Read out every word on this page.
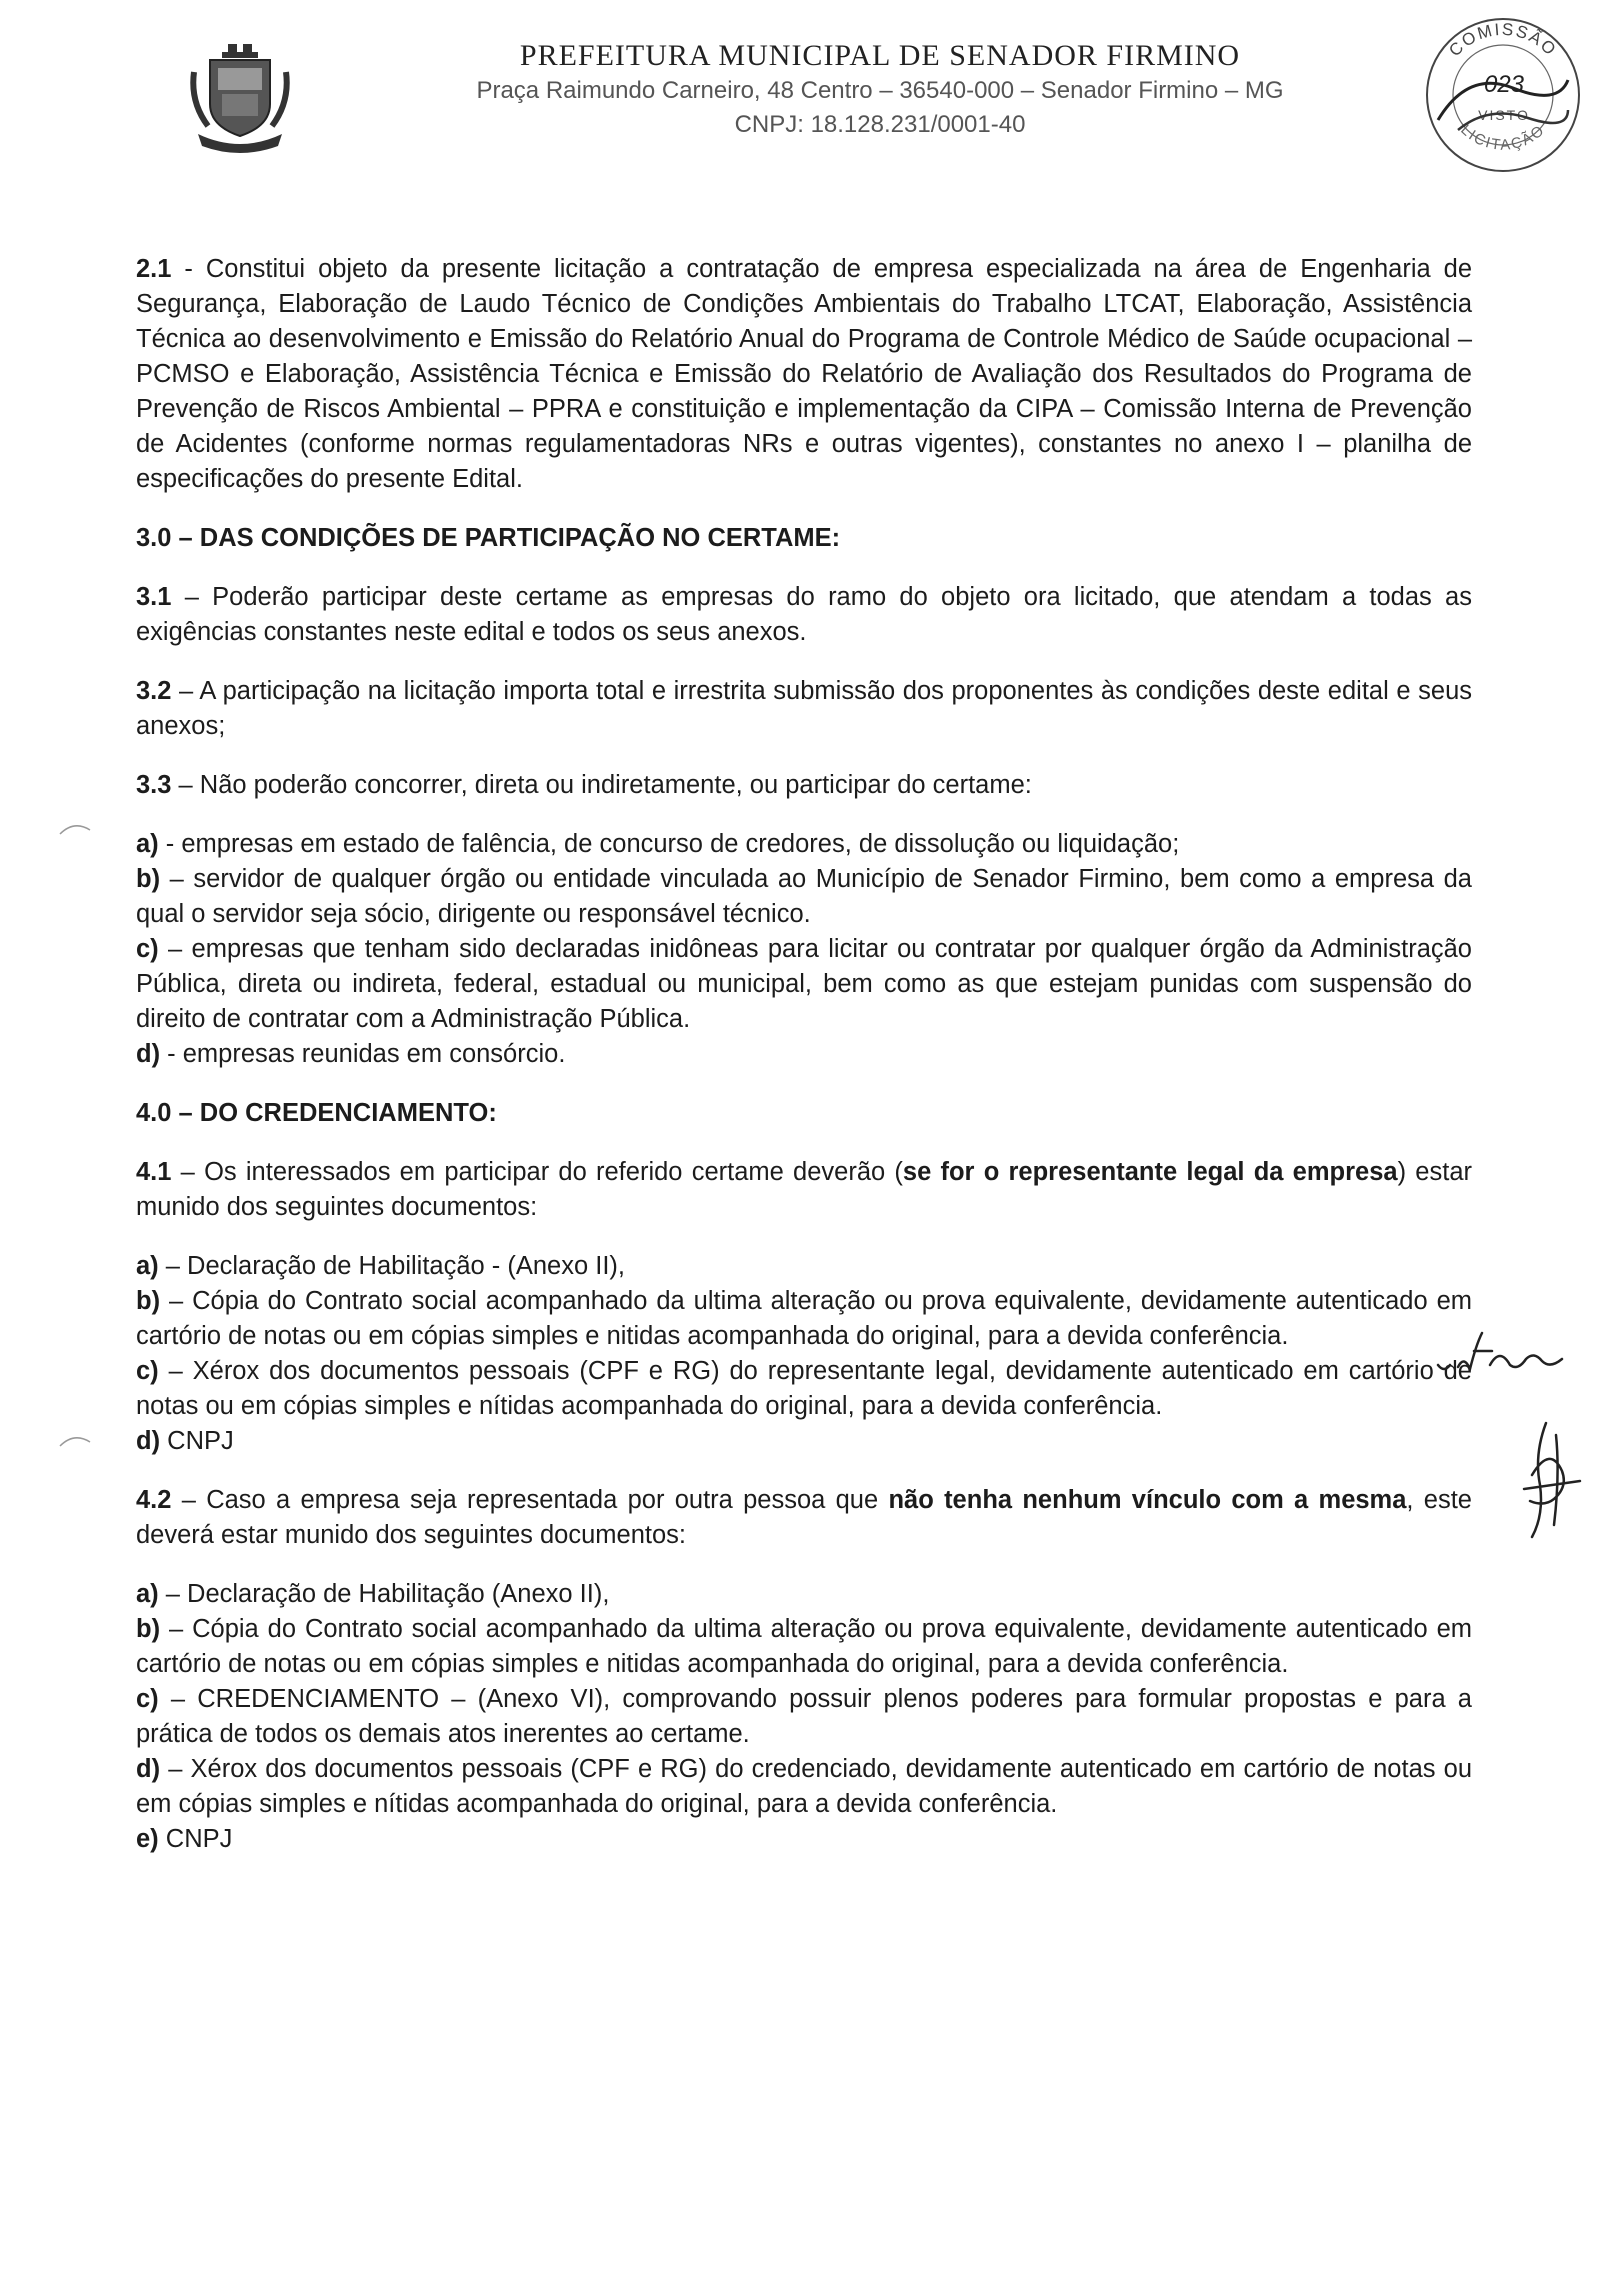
PREFEITURA MUNICIPAL DE SENADOR FIRMINO
Praça Raimundo Carneiro, 48 Centro – 36540-000 – Senador Firmino – MG
CNPJ: 18.128.231/0001-40
COMISSÃO
023
VISTO
LICITAÇÃO

2.1 - Constitui objeto da presente licitação a contratação de empresa especializada na área de Engenharia de Segurança, Elaboração de Laudo Técnico de Condições Ambientais do Trabalho LTCAT, Elaboração, Assistência Técnica ao desenvolvimento e Emissão do Relatório Anual do Programa de Controle Médico de Saúde ocupacional – PCMSO e Elaboração, Assistência Técnica e Emissão do Relatório de Avaliação dos Resultados do Programa de Prevenção de Riscos Ambiental – PPRA e constituição e implementação da CIPA – Comissão Interna de Prevenção de Acidentes (conforme normas regulamentadoras NRs e outras vigentes), constantes no anexo I – planilha de especificações do presente Edital.

3.0 – DAS CONDIÇÕES DE PARTICIPAÇÃO NO CERTAME:

3.1 – Poderão participar deste certame as empresas do ramo do objeto ora licitado, que atendam a todas as exigências constantes neste edital e todos os seus anexos.

3.2 – A participação na licitação importa total e irrestrita submissão dos proponentes às condições deste edital e seus anexos;

3.3 – Não poderão concorrer, direta ou indiretamente, ou participar do certame:

a) - empresas em estado de falência, de concurso de credores, de dissolução ou liquidação;

b) – servidor de qualquer órgão ou entidade vinculada ao Município de Senador Firmino, bem como a empresa da qual o servidor seja sócio, dirigente ou responsável técnico.

c) – empresas que tenham sido declaradas inidôneas para licitar ou contratar por qualquer órgão da Administração Pública, direta ou indireta, federal, estadual ou municipal, bem como as que estejam punidas com suspensão do direito de contratar com a Administração Pública.

d) - empresas reunidas em consórcio.

4.0 – DO CREDENCIAMENTO:

4.1 – Os interessados em participar do referido certame deverão (se for o representante legal da empresa) estar munido dos seguintes documentos:

a) – Declaração de Habilitação - (Anexo II),

b) – Cópia do Contrato social acompanhado da ultima alteração ou prova equivalente, devidamente autenticado em cartório de notas ou em cópias simples e nitidas acompanhada do original, para a devida conferência.

c) – Xérox dos documentos pessoais (CPF e RG) do representante legal, devidamente autenticado em cartório de notas ou em cópias simples e nítidas acompanhada do original, para a devida conferência.

d) CNPJ

4.2 – Caso a empresa seja representada por outra pessoa que não tenha nenhum vínculo com a mesma, este deverá estar munido dos seguintes documentos:

a) – Declaração de Habilitação (Anexo II),

b) – Cópia do Contrato social acompanhado da ultima alteração ou prova equivalente, devidamente autenticado em cartório de notas ou em cópias simples e nitidas acompanhada do original, para a devida conferência.

c) – CREDENCIAMENTO – (Anexo VI), comprovando possuir plenos poderes para formular propostas e para a prática de todos os demais atos inerentes ao certame.

d) – Xérox dos documentos pessoais (CPF e RG) do credenciado, devidamente autenticado em cartório de notas ou em cópias simples e nítidas acompanhada do original, para a devida conferência.

e) CNPJ
